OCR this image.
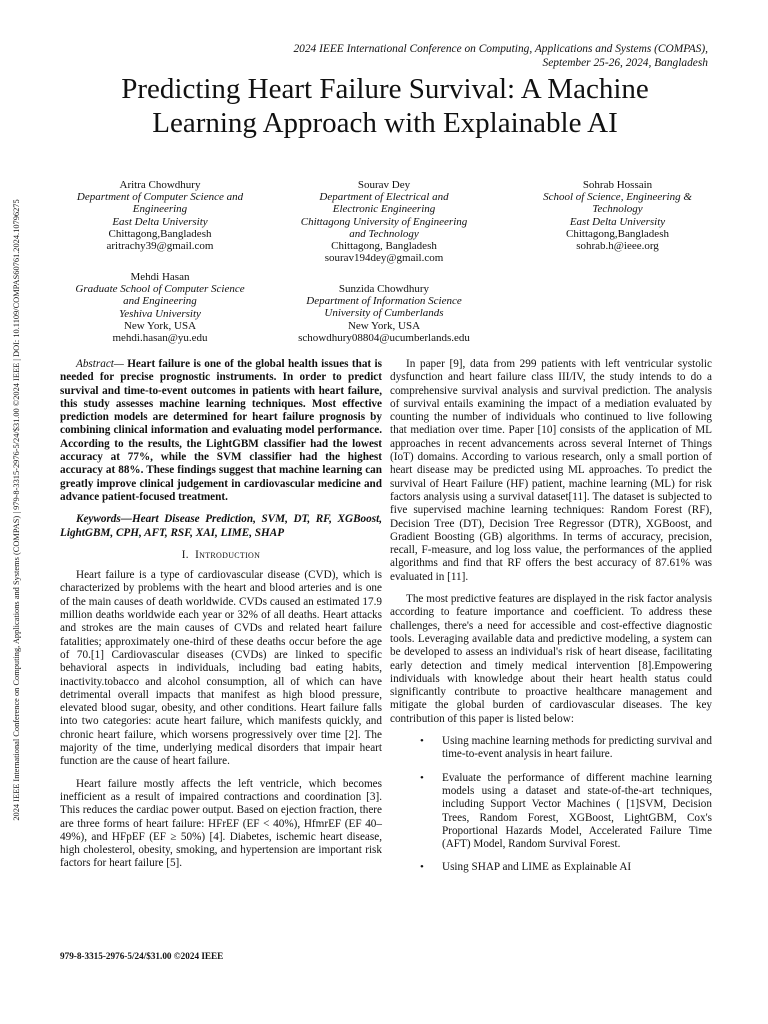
2024 IEEE International Conference on Computing, Applications and Systems (COMPAS) | 979-8-3315-2976-5/24/$31.00 ©2024 IEEE | DOI: 10.1109/COMPAS60761.2024.10796275
2024 IEEE International Conference on Computing, Applications and Systems (COMPAS),
September 25-26, 2024, Bangladesh
Predicting Heart Failure Survival: A Machine
Learning Approach with Explainable AI
Aritra Chowdhury
Department of Computer Science and
Engineering
East Delta University
Chittagong,Bangladesh
aritrachy39@gmail.com
Sourav Dey
Department of Electrical and
Electronic Engineering
Chittagong University of Engineering
and Technology
Chittagong, Bangladesh
sourav194dey@gmail.com
Sohrab Hossain
School of Science, Engineering &
Technology
East Delta University
Chittagong,Bangladesh
sohrab.h@ieee.org
Mehdi Hasan
Graduate School of Computer Science
and Engineering
Yeshiva University
New York, USA
mehdi.hasan@yu.edu
Sunzida Chowdhury
Department of Information Science
University of Cumberlands
New York, USA
schowdhury08804@ucumberlands.edu

Abstract— Heart failure is one of the global health issues that is needed for precise prognostic instruments. In order to predict survival and time-to-event outcomes in patients with heart failure, this study assesses machine learning techniques. Most effective prediction models are determined for heart failure prognosis by combining clinical information and evaluating model performance. According to the results, the LightGBM classifier had the lowest accuracy at 77%, while the SVM classifier had the highest accuracy at 88%. These findings suggest that machine learning can greatly improve clinical judgement in cardiovascular medicine and advance patient-focused treatment.

Keywords—Heart Disease Prediction, SVM, DT, RF, XGBoost, LightGBM, CPH, AFT, RSF, XAI, LIME, SHAP

I. Introduction

Heart failure is a type of cardiovascular disease (CVD), which is characterized by problems with the heart and blood arteries and is one of the main causes of death worldwide. CVDs caused an estimated 17.9 million deaths worldwide each year or 32% of all deaths. Heart attacks and strokes are the main causes of CVDs and related heart failure fatalities; approximately one-third of these deaths occur before the age of 70.[1] Cardiovascular diseases (CVDs) are linked to specific behavioral aspects in individuals, including bad eating habits, inactivity.tobacco and alcohol consumption, all of which can have detrimental overall impacts that manifest as high blood pressure, elevated blood sugar, obesity, and other conditions. Heart failure falls into two categories: acute heart failure, which manifests quickly, and chronic heart failure, which worsens progressively over time [2]. The majority of the time, underlying medical disorders that impair heart function are the cause of heart failure.

Heart failure mostly affects the left ventricle, which becomes inefficient as a result of impaired contractions and coordination [3]. This reduces the cardiac power output. Based on ejection fraction, there are three forms of heart failure: HFrEF (EF < 40%), HfmrEF (EF 40–49%), and HFpEF (EF ≥ 50%) [4]. Diabetes, ischemic heart disease, high cholesterol, obesity, smoking, and hypertension are important risk factors for heart failure [5].

In paper [9], data from 299 patients with left ventricular systolic dysfunction and heart failure class III/IV, the study intends to do a comprehensive survival analysis and survival prediction. The analysis of survival entails examining the impact of a mediation evaluated by counting the number of individuals who continued to live following that mediation over time. Paper [10] consists of the application of ML approaches in recent advancements across several Internet of Things (IoT) domains. According to various research, only a small portion of heart disease may be predicted using ML approaches. To predict the survival of Heart Failure (HF) patient, machine learning (ML) for risk factors analysis using a survival dataset[11]. The dataset is subjected to five supervised machine learning techniques: Random Forest (RF), Decision Tree (DT), Decision Tree Regressor (DTR), XGBoost, and Gradient Boosting (GB) algorithms. In terms of accuracy, precision, recall, F-measure, and log loss value, the performances of the applied algorithms and find that RF offers the best accuracy of 87.61% was evaluated in [11].

The most predictive features are displayed in the risk factor analysis according to feature importance and coefficient. To address these challenges, there's a need for accessible and cost-effective diagnostic tools. Leveraging available data and predictive modeling, a system can be developed to assess an individual's risk of heart disease, facilitating early detection and timely medical intervention [8].Empowering individuals with knowledge about their heart health status could significantly contribute to proactive healthcare management and mitigate the global burden of cardiovascular diseases. The key contribution of this paper is listed below:

• Using machine learning methods for predicting survival and time-to-event analysis in heart failure.
• Evaluate the performance of different machine learning models using a dataset and state-of-the-art techniques, including Support Vector Machines ( [1]SVM, Decision Trees, Random Forest, XGBoost, LightGBM, Cox's Proportional Hazards Model, Accelerated Failure Time (AFT) Model, Random Survival Forest.
• Using SHAP and LIME as Explainable AI
979-8-3315-2976-5/24/$31.00 ©2024 IEEE
